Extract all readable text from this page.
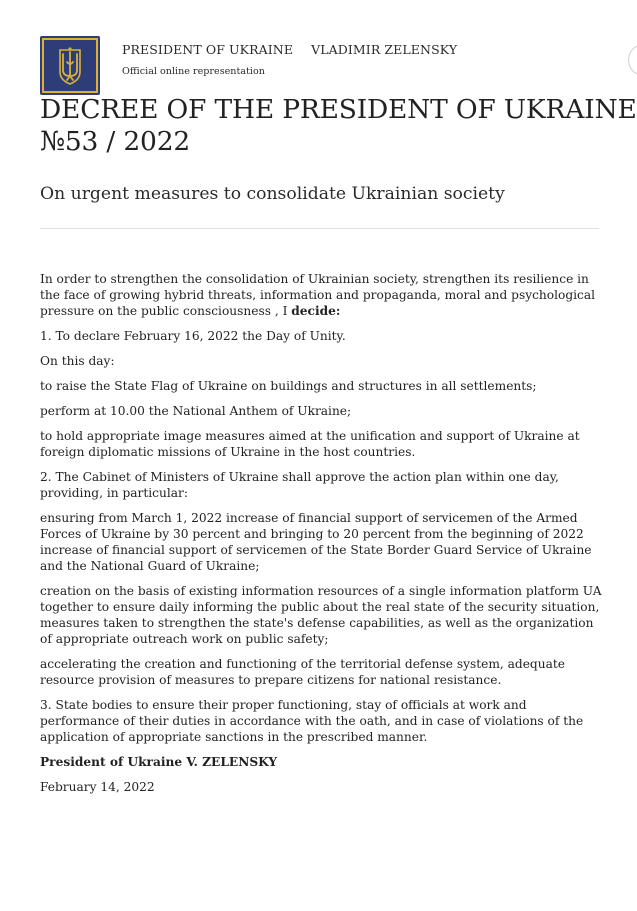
PRESIDENT OF UKRAINE VLADIMIR ZELENSKY
Official online representation
DECREE OF THE PRESIDENT OF UKRAINE
№53 / 2022
On urgent measures to consolidate Ukrainian society

In order to strengthen the consolidation of Ukrainian society, strengthen its resilience in the face of growing hybrid threats, information and propaganda, moral and psychological pressure on the public consciousness , I decide:

1. To declare February 16, 2022 the Day of Unity.

On this day:

to raise the State Flag of Ukraine on buildings and structures in all settlements;

perform at 10.00 the National Anthem of Ukraine;

to hold appropriate image measures aimed at the unification and support of Ukraine at foreign diplomatic missions of Ukraine in the host countries.

2. The Cabinet of Ministers of Ukraine shall approve the action plan within one day, providing, in particular:

ensuring from March 1, 2022 increase of financial support of servicemen of the Armed Forces of Ukraine by 30 percent and bringing to 20 percent from the beginning of 2022 increase of financial support of servicemen of the State Border Guard Service of Ukraine and the National Guard of Ukraine;

creation on the basis of existing information resources of a single information platform UA together to ensure daily informing the public about the real state of the security situation, measures taken to strengthen the state's defense capabilities, as well as the organization of appropriate outreach work on public safety;

accelerating the creation and functioning of the territorial defense system, adequate resource provision of measures to prepare citizens for national resistance.

3. State bodies to ensure their proper functioning, stay of officials at work and performance of their duties in accordance with the oath, and in case of violations of the application of appropriate sanctions in the prescribed manner.

President of Ukraine V. ZELENSKY

February 14, 2022
